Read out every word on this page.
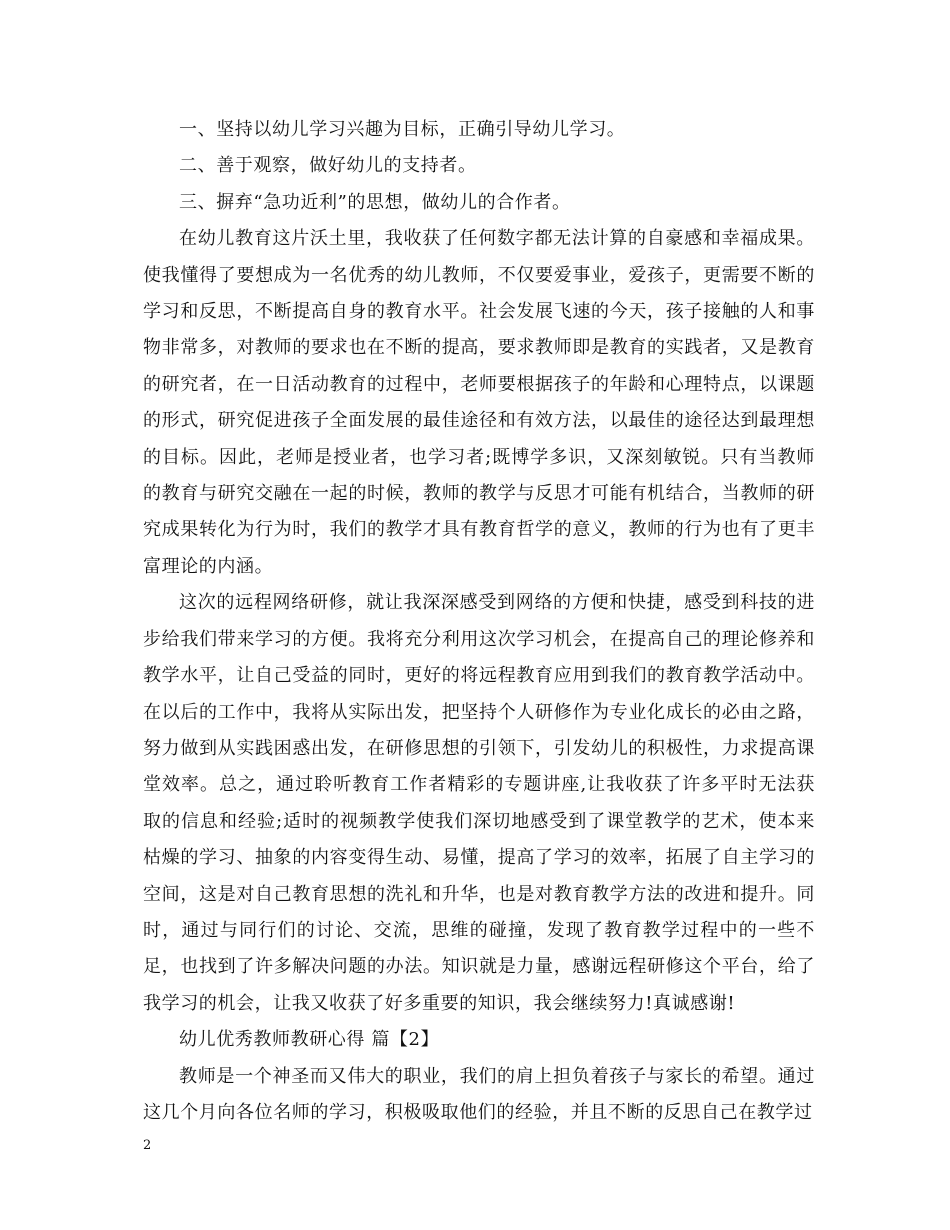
一、坚持以幼儿学习兴趣为目标，正确引导幼儿学习。

二、善于观察，做好幼儿的支持者。

三、摒弃“急功近利”的思想，做幼儿的合作者。

在幼儿教育这片沃土里，我收获了任何数字都无法计算的自豪感和幸福成果。使我懂得了要想成为一名优秀的幼儿教师，不仅要爱事业，爱孩子，更需要不断的学习和反思，不断提高自身的教育水平。社会发展飞速的今天，孩子接触的人和事物非常多，对教师的要求也在不断的提高，要求教师即是教育的实践者，又是教育的研究者，在一日活动教育的过程中，老师要根据孩子的年龄和心理特点，以课题的形式，研究促进孩子全面发展的最佳途径和有效方法，以最佳的途径达到最理想的目标。因此，老师是授业者，也学习者;既博学多识，又深刻敏锐。只有当教师的教育与研究交融在一起的时候，教师的教学与反思才可能有机结合，当教师的研究成果转化为行为时，我们的教学才具有教育哲学的意义，教师的行为也有了更丰富理论的内涵。

这次的远程网络研修，就让我深深感受到网络的方便和快捷，感受到科技的进步给我们带来学习的方便。我将充分利用这次学习机会，在提高自己的理论修养和教学水平，让自己受益的同时，更好的将远程教育应用到我们的教育教学活动中。在以后的工作中，我将从实际出发，把坚持个人研修作为专业化成长的必由之路，努力做到从实践困惑出发，在研修思想的引领下，引发幼儿的积极性，力求提高课堂效率。总之，通过聆听教育工作者精彩的专题讲座,让我收获了许多平时无法获取的信息和经验;适时的视频教学使我们深切地感受到了课堂教学的艺术，使本来枯燥的学习、抽象的内容变得生动、易懂，提高了学习的效率，拓展了自主学习的空间，这是对自己教育思想的洗礼和升华，也是对教育教学方法的改进和提升。同时，通过与同行们的讨论、交流，思维的碰撞，发现了教育教学过程中的一些不足，也找到了许多解决问题的办法。知识就是力量，感谢远程研修这个平台，给了我学习的机会，让我又收获了好多重要的知识，我会继续努力!真诚感谢!

幼儿优秀教师教研心得 篇【2】

教师是一个神圣而又伟大的职业，我们的肩上担负着孩子与家长的希望。通过这几个月向各位名师的学习，积极吸取他们的经验，并且不断的反思自己在教学过

2
